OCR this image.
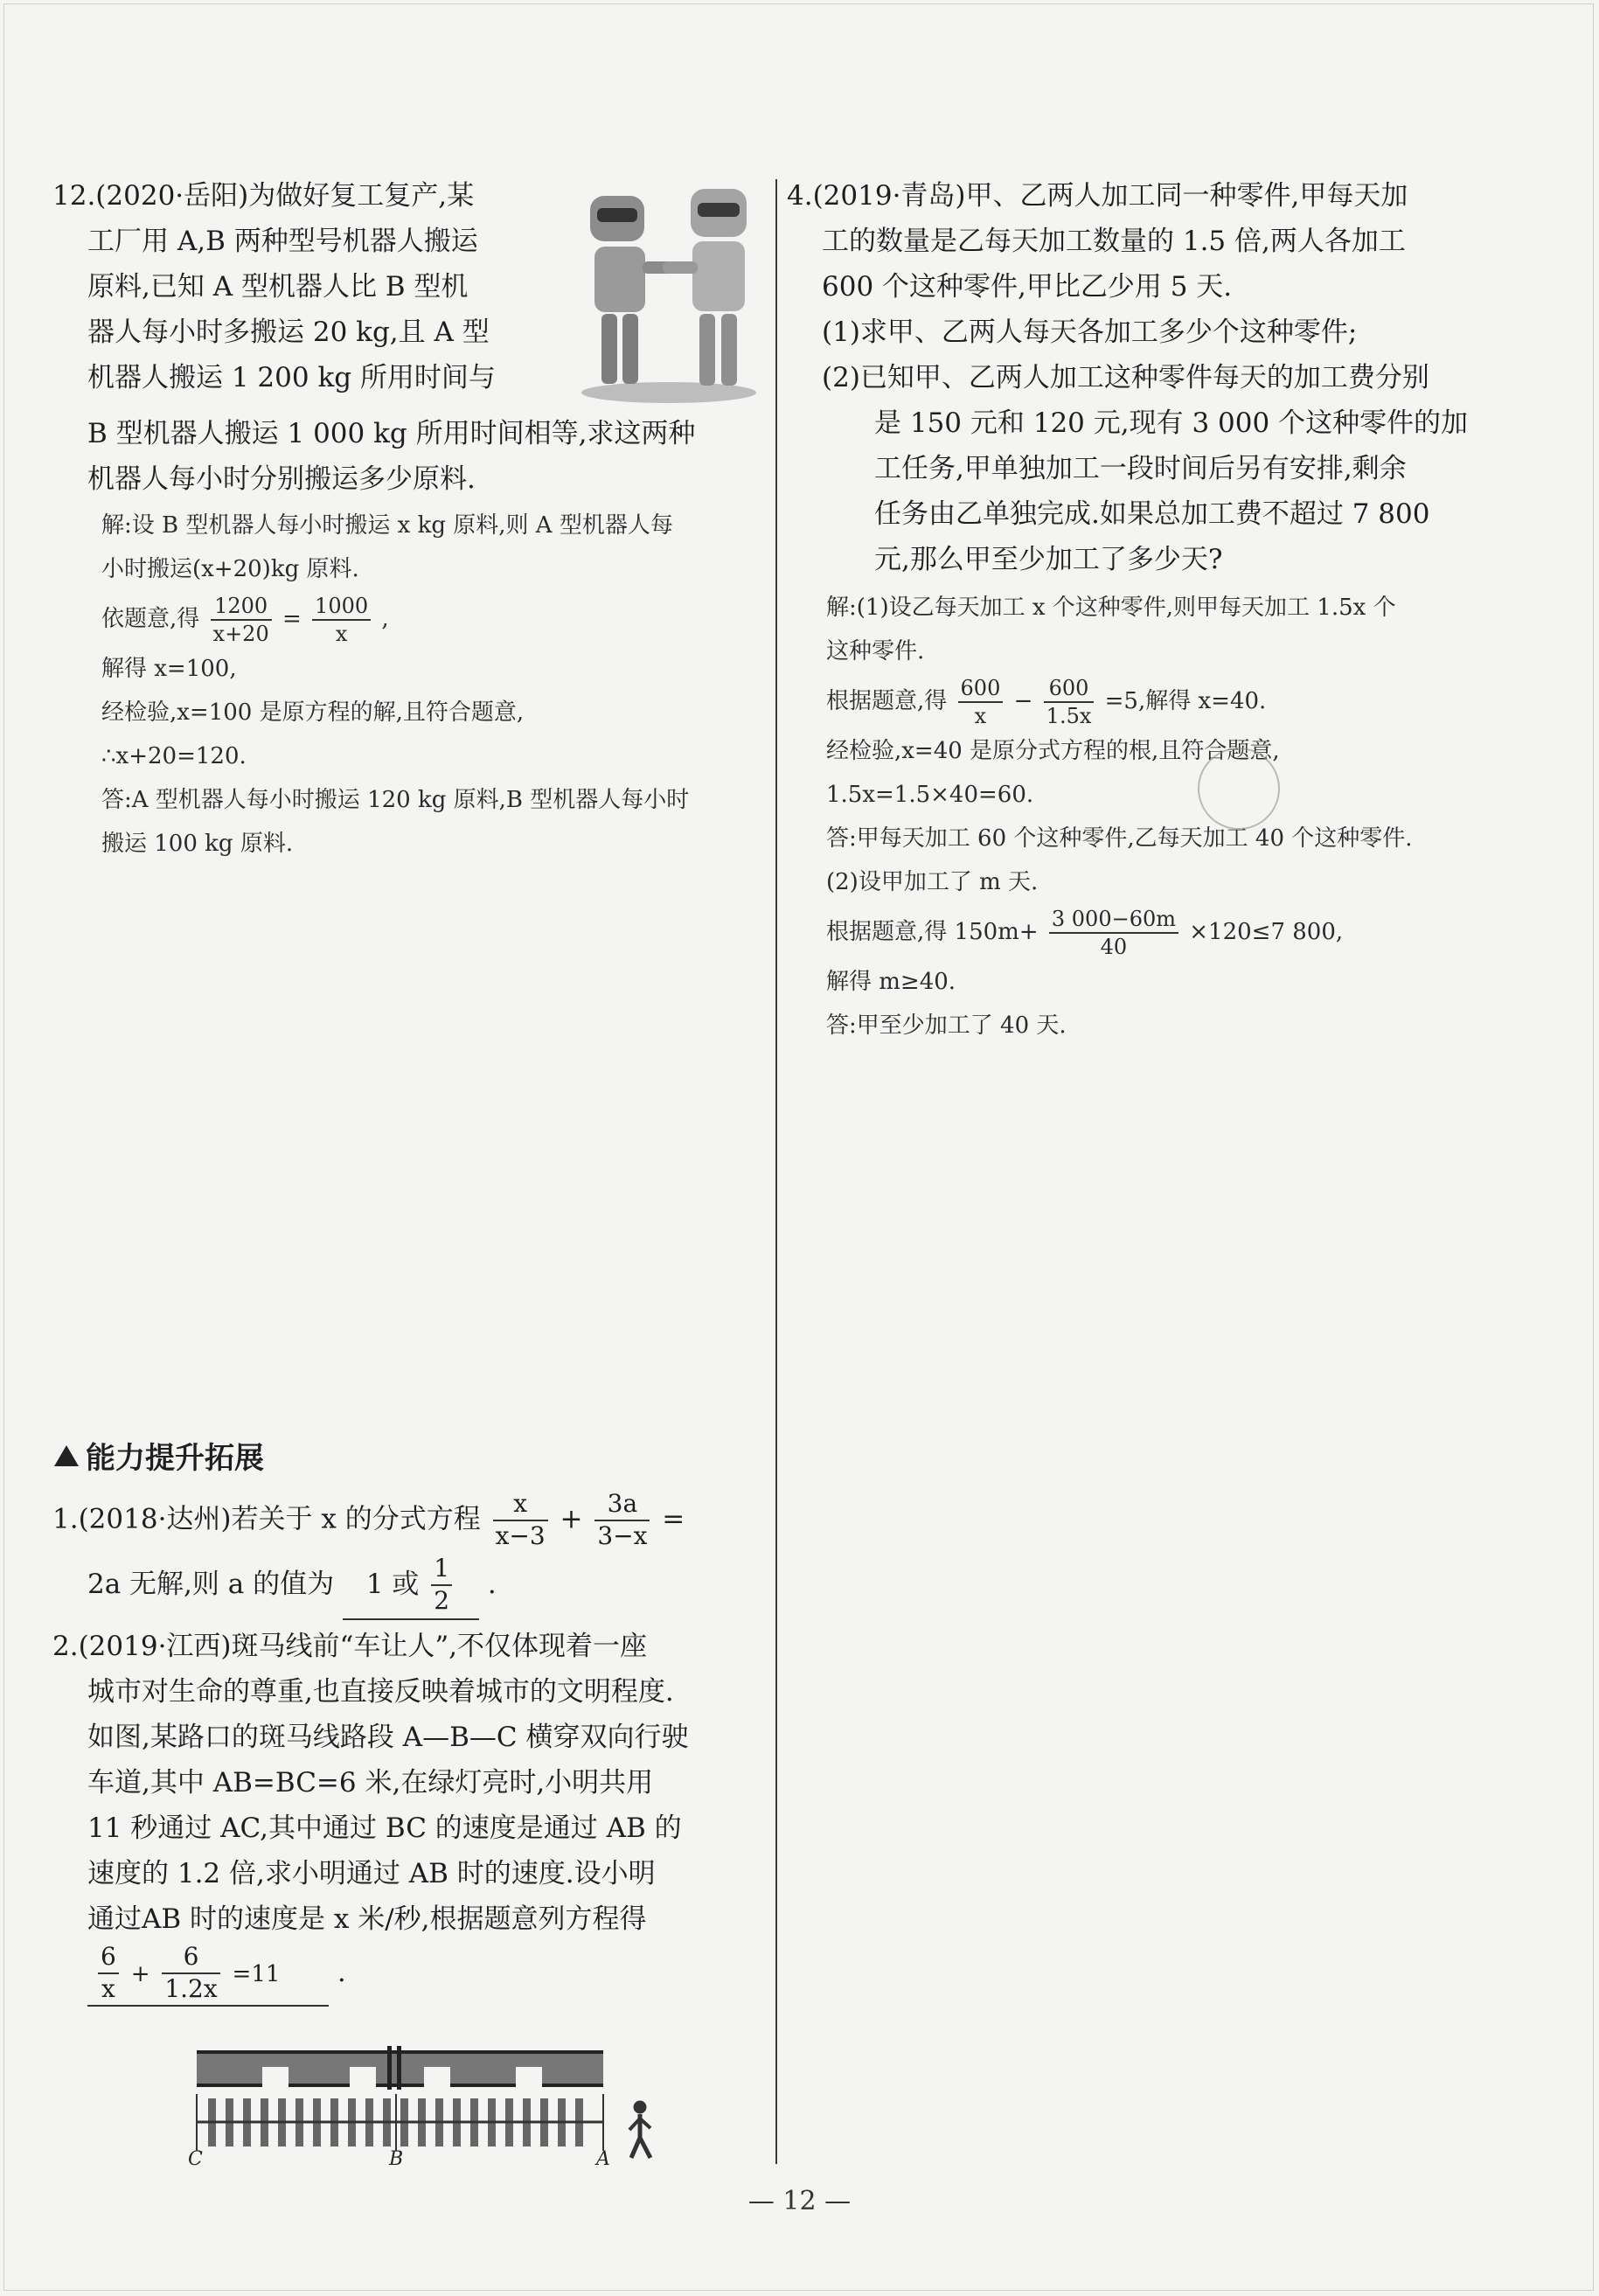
12.(2020·岳阳)为做好复工复产,某
工厂用 A,B 两种型号机器人搬运
原料,已知 A 型机器人比 B 型机
器人每小时多搬运 20 kg,且 A 型
机器人搬运 1 200 kg 所用时间与
B 型机器人搬运 1 000 kg 所用时间相等,求这两种
机器人每小时分别搬运多少原料.
解:设 B 型机器人每小时搬运 x kg 原料,则 A 型机器人每
小时搬运(x+20)kg 原料.
依题意,得 $\frac{1200}{x+20} = \frac{1000}{x}$ ,
解得 x=100,
经检验,x=100 是原方程的解,且符合题意,
∴x+20=120.
答:A 型机器人每小时搬运 120 kg 原料,B 型机器人每小时
搬运 100 kg 原料.
能力提升拓展
1.(2018·达州)若关于 x 的分式方程 $\frac{x}{x-3} + \frac{3a}{3-x}$ =
2a 无解,则 a 的值为 1 或 $\frac{1}{2}$ .
2.(2019·江西)斑马线前“车让人”,不仅体现着一座
城市对生命的尊重,也直接反映着城市的文明程度.
如图,某路口的斑马线路段 A—B—C 横穿双向行驶
车道,其中 AB=BC=6 米,在绿灯亮时,小明共用
11 秒通过 AC,其中通过 BC 的速度是通过 AB 的
速度的 1.2 倍,求小明通过 AB 时的速度.设小明
通过AB 时的速度是 x 米/秒,根据题意列方程得
$\frac{6}{x} + \frac{6}{1.2x} =11$ .
C	B	A
4.(2019·青岛)甲、乙两人加工同一种零件,甲每天加
工的数量是乙每天加工数量的 1.5 倍,两人各加工
600 个这种零件,甲比乙少用 5 天.
(1)求甲、乙两人每天各加工多少个这种零件;
(2)已知甲、乙两人加工这种零件每天的加工费分别
是 150 元和 120 元,现有 3 000 个这种零件的加
工任务,甲单独加工一段时间后另有安排,剩余
任务由乙单独完成.如果总加工费不超过 7 800
元,那么甲至少加工了多少天?
解:(1)设乙每天加工 x 个这种零件,则甲每天加工 1.5x 个
这种零件.
根据题意,得 $\frac{600}{x} - \frac{600}{1.5x} =5$,解得 x=40.
经检验,x=40 是原分式方程的根,且符合题意,
1.5x=1.5×40=60.
答:甲每天加工 60 个这种零件,乙每天加工 40 个这种零件.
(2)设甲加工了 m 天.
根据题意,得 $150m+ \frac{3 000-60m}{40} \times 120\le 7$ 800,
解得 m≥40.
答:甲至少加工了 40 天.
— 12 —
